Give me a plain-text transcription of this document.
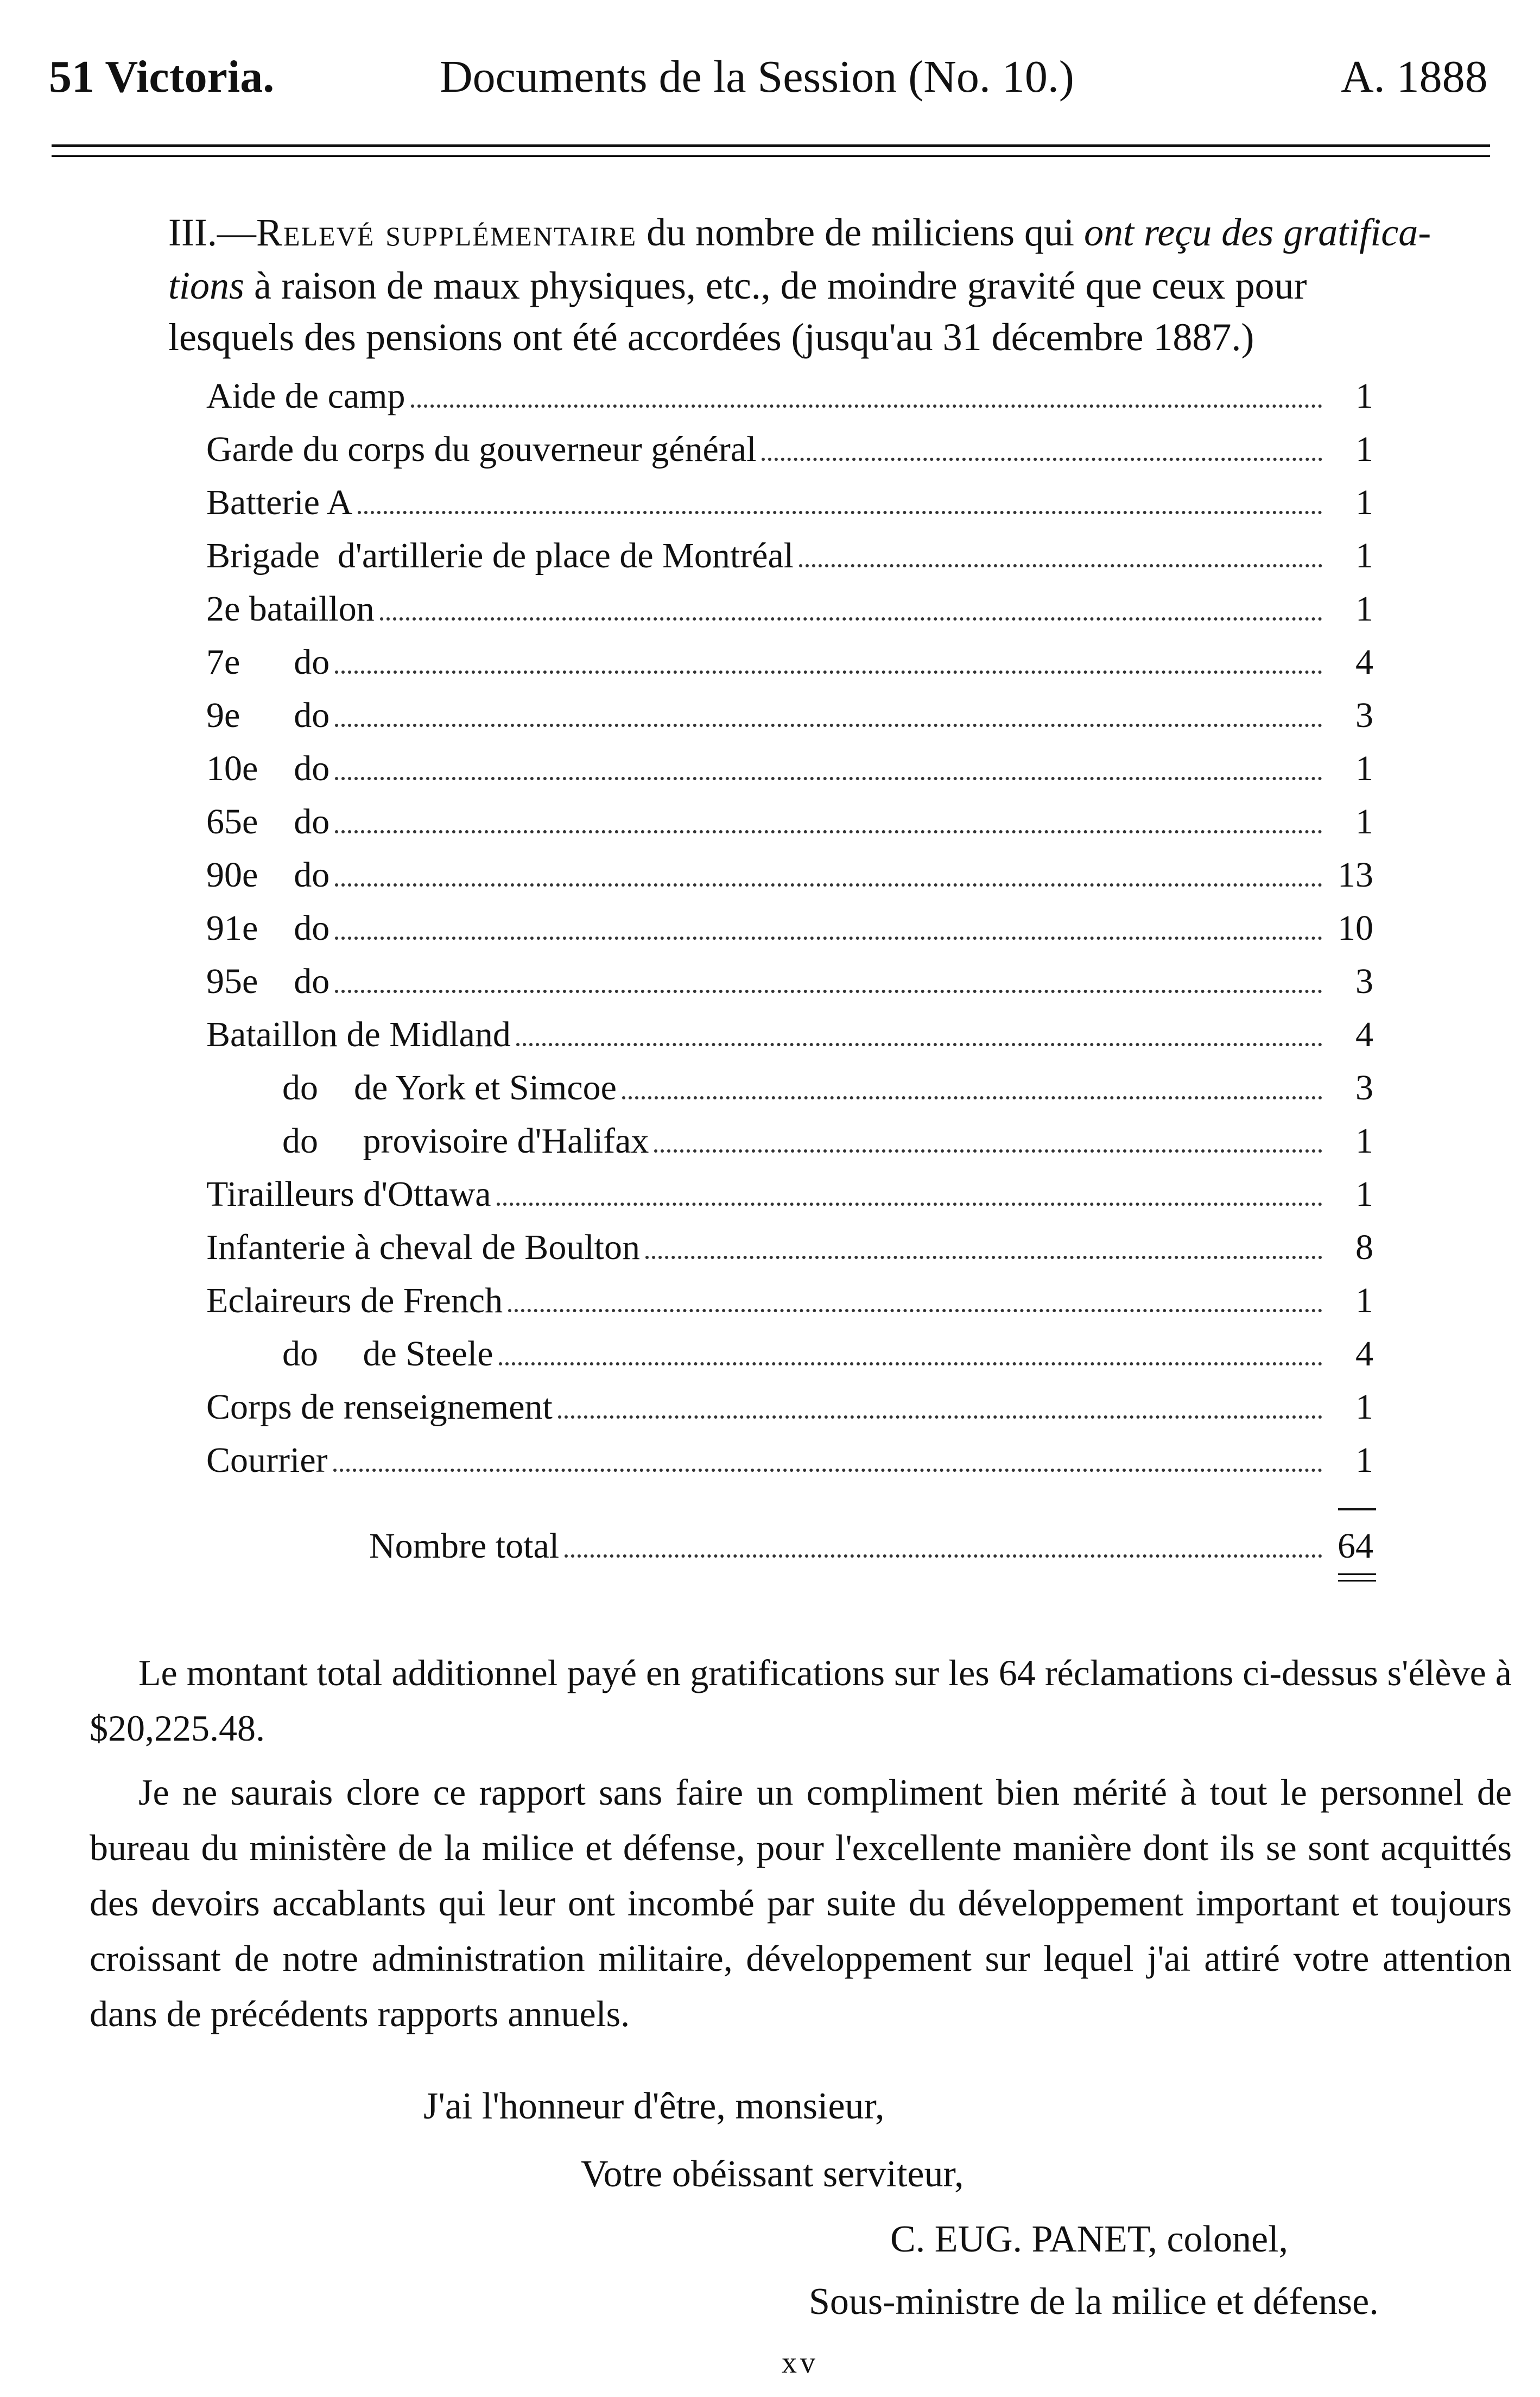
51 Victoria.	Documents de la Session (No. 10.)	A. 1888
III.—Relevé supplémentaire du nombre de miliciens qui ont reçu des gratifica-
tions à raison de maux physiques, etc., de moindre gravité que ceux pour
lesquels des pensions ont été accordées (jusqu'au 31 décembre 1887.)
Aide de camp	1
Garde du corps du gouverneur général	1
Batterie A	1
Brigade  d'artillerie de place de Montréal	1
2e bataillon	1
7e      do	4
9e      do	3
10e    do	1
65e    do	1
90e    do	13
91e    do	10
95e    do	3
Bataillon de Midland	4
do    de York et Simcoe	3
do     provisoire d'Halifax	1
Tirailleurs d'Ottawa	1
Infanterie à cheval de Boulton	8
Eclaireurs de French	1
do     de Steele	4
Corps de renseignement	1
Courrier	1
Nombre total	64
Le montant total additionnel payé en gratifications sur les 64 réclamations ci-dessus s'élève à $20,225.48.
Je ne saurais clore ce rapport sans faire un compliment bien mérité à tout le personnel de bureau du ministère de la milice et défense, pour l'excellente manière dont ils se sont acquittés des devoirs accablants qui leur ont incombé par suite du développement important et toujours croissant de notre administration militaire, développement sur lequel j'ai attiré votre attention dans de précédents rapports annuels.
J'ai l'honneur d'être, monsieur,
Votre obéissant serviteur,
C. EUG. PANET, colonel,
Sous-ministre de la milice et défense.
xv
